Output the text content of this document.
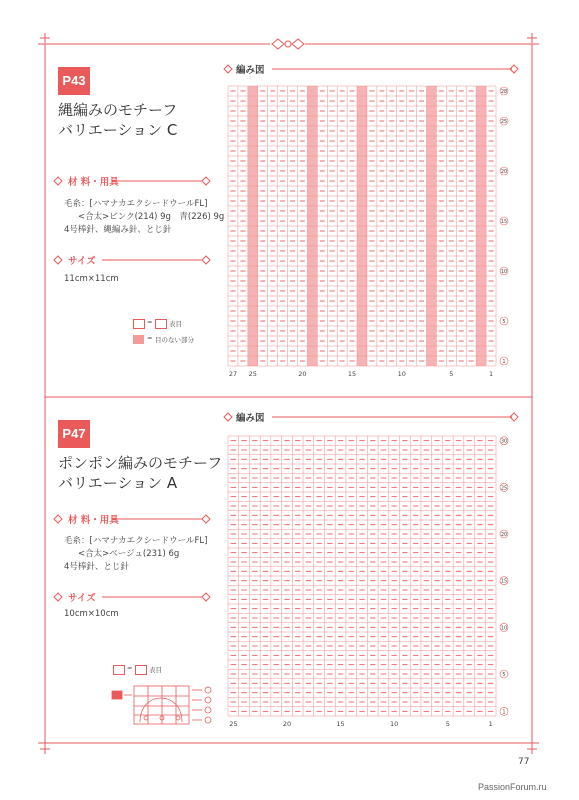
P43
縄編みのモチーフ
バリエーション C
材 料・用具
毛糸：[ハマナカエクシードウールFL]
<合太>ピンク(214) 9g　青(226) 9g
4号棒針、縄編み針、とじ針
サイズ
11cm×11cm
=	表目
= 目のない部分
編み図
27 25	20	15	10	5	1
28
25
20
15
10
5
1
P47
ポンポン編みのモチーフ
バリエーション A
材 料・用具
毛糸：[ハマナカエクシードウールFL]
<合太>ベージュ(231) 6g
4号棒針、とじ針
サイズ
10cm×10cm
=	表目
編み図
25	20	15	10	5	1
30
25
20
15
10
5
1
77
PassionForum.ru
